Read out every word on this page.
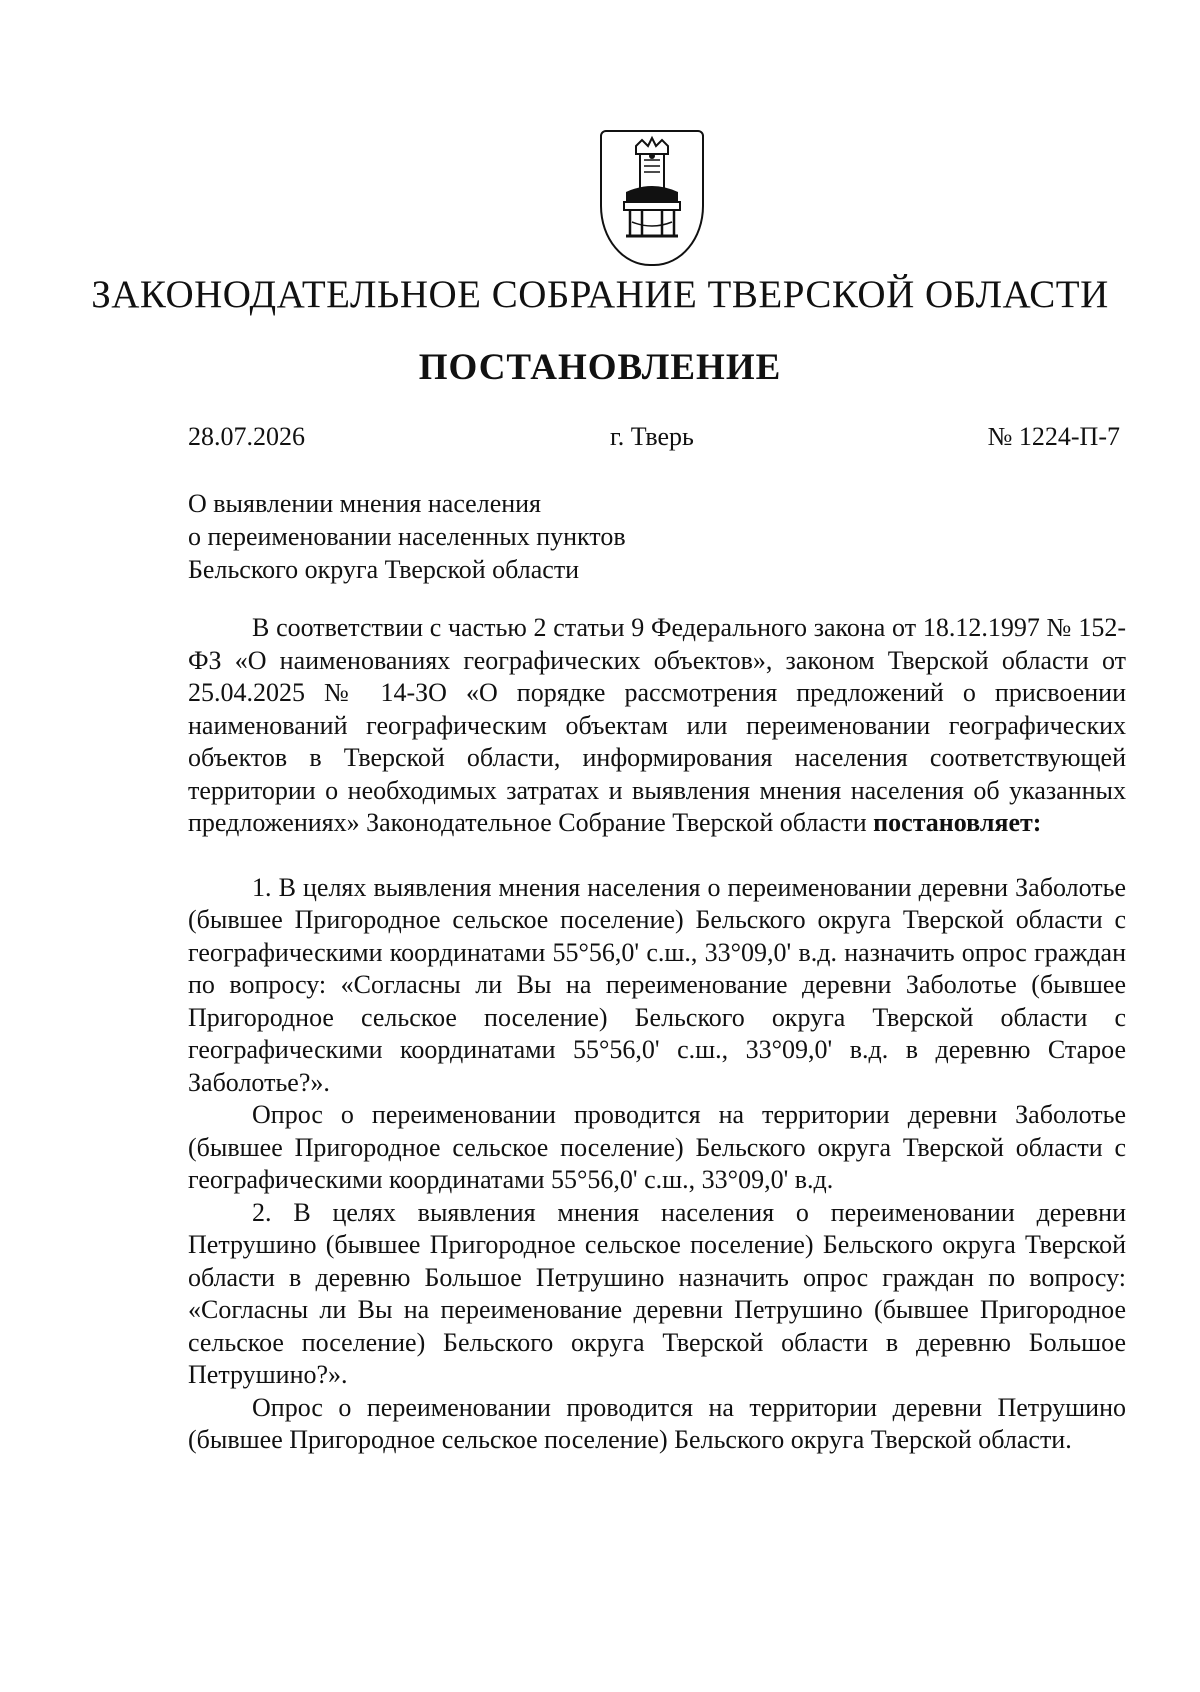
ЗАКОНОДАТЕЛЬНОЕ СОБРАНИЕ ТВЕРСКОЙ ОБЛАСТИ
ПОСТАНОВЛЕНИЕ
28.07.2026	г. Тверь	№ 1224-П-7
О выявлении мнения населения
о переименовании населенных пунктов
Бельского округа Тверской области

В соответствии с частью 2 статьи 9 Федерального закона от 18.12.1997 № 152-ФЗ «О наименованиях географических объектов», законом Тверской области от 25.04.2025 № 14-ЗО «О порядке рассмотрения предложений о присвоении наименований географическим объектам или переименовании географических объектов в Тверской области, информирования населения соответствующей территории о необходимых затратах и выявления мнения населения об указанных предложениях» Законодательное Собрание Тверской области постановляет:

1. В целях выявления мнения населения о переименовании деревни Заболотье (бывшее Пригородное сельское поселение) Бельского округа Тверской области с географическими координатами 55°56,0' с.ш., 33°09,0' в.д. назначить опрос граждан по вопросу: «Согласны ли Вы на переименование деревни Заболотье (бывшее Пригородное сельское поселение) Бельского округа Тверской области с географическими координатами 55°56,0' с.ш., 33°09,0' в.д. в деревню Старое Заболотье?».

Опрос о переименовании проводится на территории деревни Заболотье (бывшее Пригородное сельское поселение) Бельского округа Тверской области с географическими координатами 55°56,0' с.ш., 33°09,0' в.д.

2. В целях выявления мнения населения о переименовании деревни Петрушино (бывшее Пригородное сельское поселение) Бельского округа Тверской области в деревню Большое Петрушино назначить опрос граждан по вопросу: «Согласны ли Вы на переименование деревни Петрушино (бывшее Пригородное сельское поселение) Бельского округа Тверской области в деревню Большое Петрушино?».

Опрос о переименовании проводится на территории деревни Петрушино (бывшее Пригородное сельское поселение) Бельского округа Тверской области.
